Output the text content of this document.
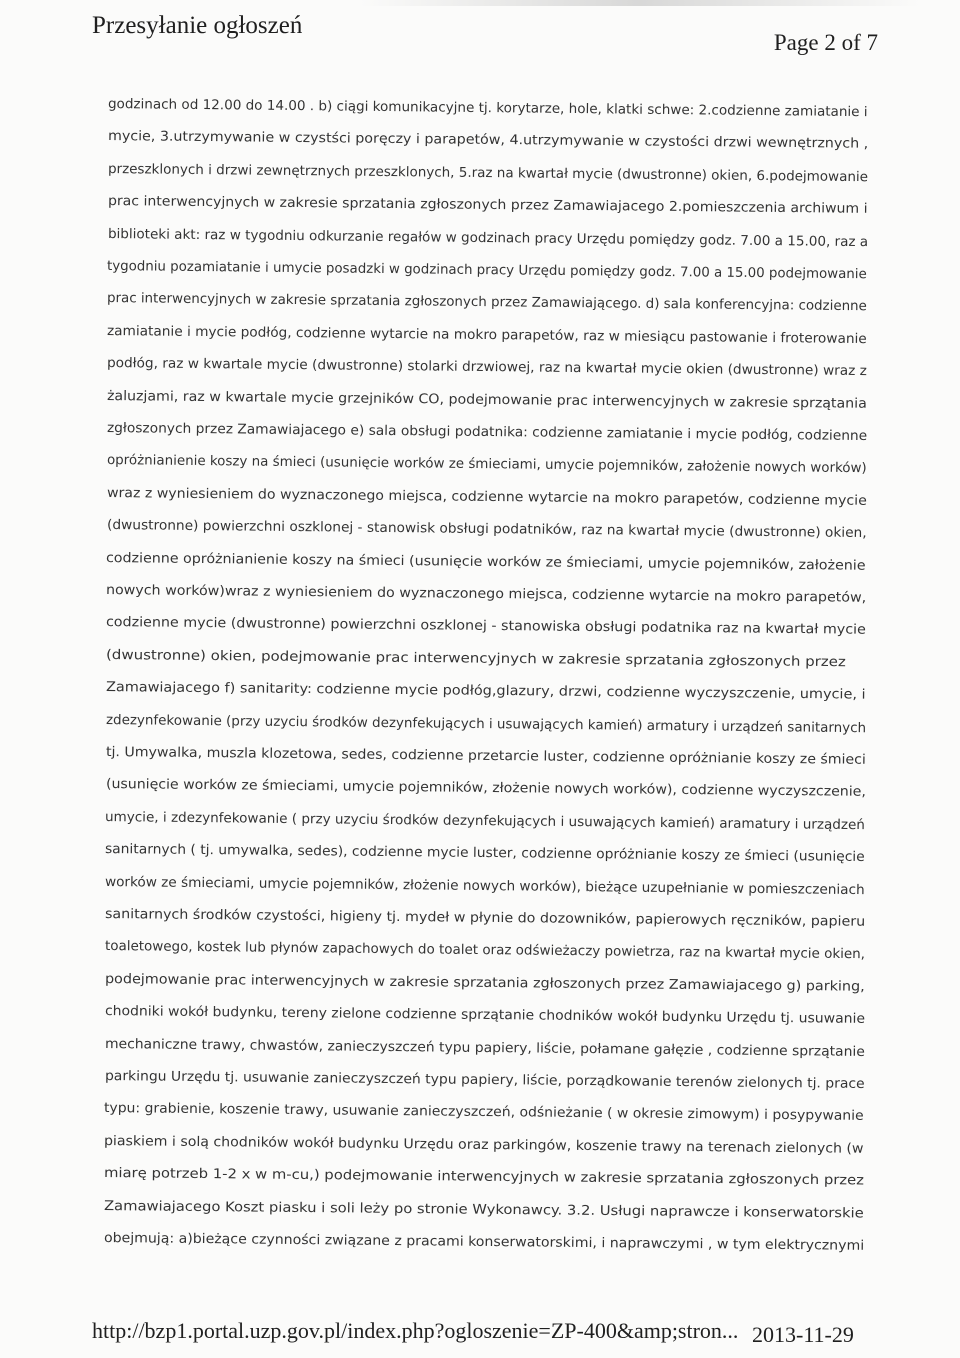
Przesyłanie ogłoszeń
Page 2 of 7
godzinach od 12.00 do 14.00 . b) ciągi komunikacyjne tj. korytarze, hole, klatki schwe: 2.codzienne zamiatanie i
mycie, 3.utrzymywanie w czystści poręczy i parapetów, 4.utrzymywanie w czystości drzwi wewnętrznych ,
przeszklonych i drzwi zewnętrznych przeszklonych, 5.raz na kwartał mycie (dwustronne) okien, 6.podejmowanie
prac interwencyjnych w zakresie sprzatania zgłoszonych przez Zamawiajacego 2.pomieszczenia archiwum i
biblioteki akt: raz w tygodniu odkurzanie regałów w godzinach pracy Urzędu pomiędzy godz. 7.00 a 15.00, raz a
tygodniu pozamiatanie i umycie posadzki w godzinach pracy Urzędu pomiędzy godz. 7.00 a 15.00 podejmowanie
prac interwencyjnych w zakresie sprzatania zgłoszonych przez Zamawiającego. d) sala konferencyjna: codzienne
zamiatanie i mycie podłóg, codzienne wytarcie na mokro parapetów, raz w miesiącu pastowanie i froterowanie
podłóg, raz w kwartale mycie (dwustronne) stolarki drzwiowej, raz na kwartał mycie okien (dwustronne) wraz z
żaluzjami, raz w kwartale mycie grzejników CO, podejmowanie prac interwencyjnych w zakresie sprzątania
zgłoszonych przez Zamawiajacego e) sala obsługi podatnika: codzienne zamiatanie i mycie podłóg, codzienne
opróżnianienie koszy na śmieci (usunięcie worków ze śmieciami, umycie pojemników, założenie nowych worków)
wraz z wyniesieniem do wyznaczonego miejsca, codzienne wytarcie na mokro parapetów, codzienne mycie
(dwustronne) powierzchni oszklonej - stanowisk obsługi podatników, raz na kwartał mycie (dwustronne) okien,
codzienne opróżnianienie koszy na śmieci (usunięcie worków ze śmieciami, umycie pojemników, założenie
nowych worków)wraz z wyniesieniem do wyznaczonego miejsca, codzienne wytarcie na mokro parapetów,
codzienne mycie (dwustronne) powierzchni oszklonej - stanowiska obsługi podatnika raz na kwartał mycie
(dwustronne) okien, podejmowanie prac interwencyjnych w zakresie sprzatania zgłoszonych przez
Zamawiajacego f) sanitarity: codzienne mycie podłóg,glazury, drzwi, codzienne wyczyszczenie, umycie, i
zdezynfekowanie (przy uzyciu środków dezynfekujących i usuwających kamień) armatury i urządzeń sanitarnych
tj. Umywalka, muszla klozetowa, sedes, codzienne przetarcie luster, codzienne opróżnianie koszy ze śmieci
(usunięcie worków ze śmieciami, umycie pojemników, złożenie nowych worków), codzienne wyczyszczenie,
umycie, i zdezynfekowanie ( przy uzyciu środków dezynfekujących i usuwających kamień) aramatury i urządzeń
sanitarnych ( tj. umywalka, sedes), codzienne mycie luster, codzienne opróżnianie koszy ze śmieci (usunięcie
worków ze śmieciami, umycie pojemników, złożenie nowych worków), bieżące uzupełnianie w pomieszczeniach
sanitarnych środków czystości, higieny tj. mydeł w płynie do dozowników, papierowych ręczników, papieru
toaletowego, kostek lub płynów zapachowych do toalet oraz odświeżaczy powietrza, raz na kwartał mycie okien,
podejmowanie prac interwencyjnych w zakresie sprzatania zgłoszonych przez Zamawiajacego g) parking,
chodniki wokół budynku, tereny zielone codzienne sprzątanie chodników wokół budynku Urzędu tj. usuwanie
mechaniczne trawy, chwastów, zanieczyszczeń typu papiery, liście, połamane gałęzie , codzienne sprzątanie
parkingu Urzędu tj. usuwanie zanieczyszczeń typu papiery, liście, porządkowanie terenów zielonych tj. prace
typu: grabienie, koszenie trawy, usuwanie zanieczyszczeń, odśnieżanie ( w okresie zimowym) i posypywanie
piaskiem i solą chodników wokół budynku Urzędu oraz parkingów, koszenie trawy na terenach zielonych (w
miarę potrzeb 1-2 x w m-cu,) podejmowanie interwencyjnych w zakresie sprzatania zgłoszonych przez
Zamawiajacego Koszt piasku i soli leży po stronie Wykonawcy. 3.2. Usługi naprawcze i konserwatorskie
obejmują: a)bieżące czynności związane z pracami konserwatorskimi, i naprawczymi , w tym elektrycznymi
http://bzp1.portal.uzp.gov.pl/index.php?ogloszenie=ZP-400&amp;stron... 2013-11-29
